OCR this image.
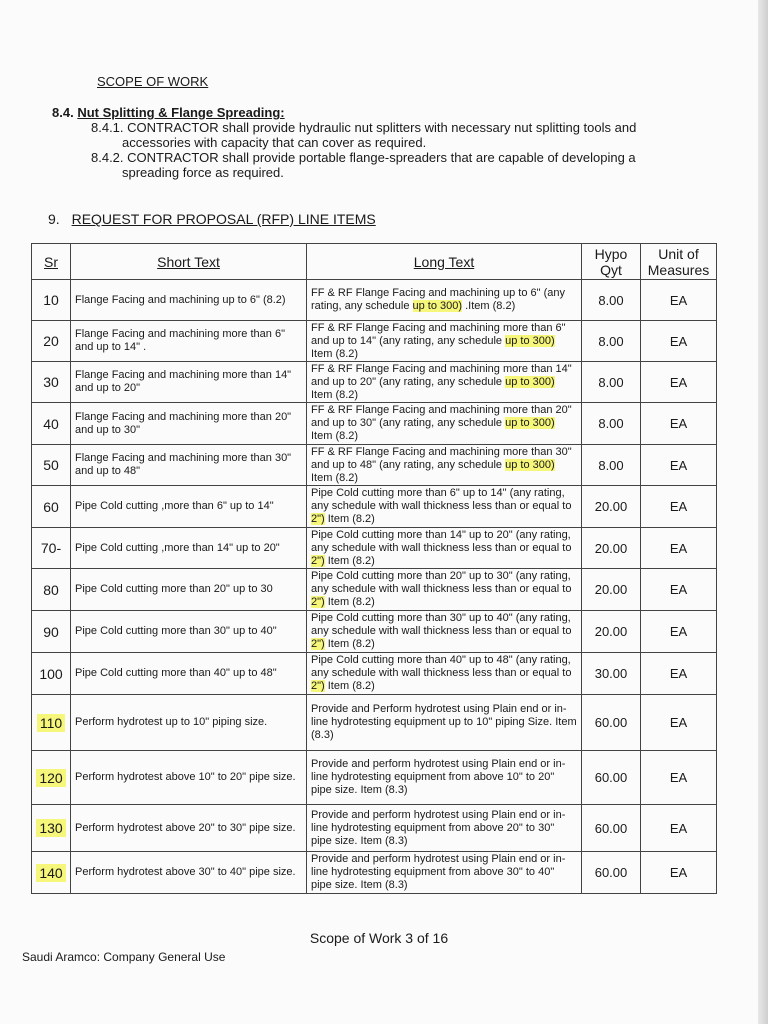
SCOPE OF WORK
8.4. Nut Splitting & Flange Spreading:
8.4.1. CONTRACTOR shall provide hydraulic nut splitters with necessary nut splitting tools and
accessories with capacity that can cover as required.
8.4.2. CONTRACTOR shall provide portable flange-spreaders that are capable of developing a
spreading force as required.
9. REQUEST FOR PROPOSAL (RFP) LINE ITEMS
Sr	Short Text	Long Text	Hypo Qyt	Unit of Measures
10	Flange Facing and machining up to 6" (8.2)	FF & RF Flange Facing and machining up to 6" (any rating, any schedule up to 300) .Item (8.2)	8.00	EA
20	Flange Facing and machining more than 6" and up to 14" .	FF & RF Flange Facing and machining more than 6" and up to 14" (any rating, any schedule up to 300) Item (8.2)	8.00	EA
30	Flange Facing and machining more than 14" and up to 20"	FF & RF Flange Facing and machining more than 14" and up to 20" (any rating, any schedule up to 300) Item (8.2)	8.00	EA
40	Flange Facing and machining more than 20" and up to 30"	FF & RF Flange Facing and machining more than 20" and up to 30" (any rating, any schedule up to 300) Item (8.2)	8.00	EA
50	Flange Facing and machining more than 30" and up to 48"	FF & RF Flange Facing and machining more than 30" and up to 48" (any rating, any schedule up to 300) Item (8.2)	8.00	EA
60	Pipe Cold cutting ,more than 6" up to 14"	Pipe Cold cutting more than 6" up to 14" (any rating, any schedule with wall thickness less than or equal to 2") Item (8.2)	20.00	EA
70-	Pipe Cold cutting ,more than 14" up to 20"	Pipe Cold cutting more than 14" up to 20" (any rating, any schedule with wall thickness less than or equal to 2") Item (8.2)	20.00	EA
80	Pipe Cold cutting more than 20" up to 30	Pipe Cold cutting more than 20" up to 30" (any rating, any schedule with wall thickness less than or equal to 2") Item (8.2)	20.00	EA
90	Pipe Cold cutting more than 30" up to 40"	Pipe Cold cutting more than 30" up to 40" (any rating, any schedule with wall thickness less than or equal to 2") Item (8.2)	20.00	EA
100	Pipe Cold cutting more than 40" up to 48"	Pipe Cold cutting more than 40" up to 48" (any rating, any schedule with wall thickness less than or equal to 2") Item (8.2)	30.00	EA
110	Perform hydrotest up to 10" piping size.	Provide and Perform hydrotest using Plain end or in-line hydrotesting equipment up to 10" piping Size. Item (8.3)	60.00	EA
120	Perform hydrotest above 10" to 20" pipe size.	Provide and perform hydrotest using Plain end or in-line hydrotesting equipment from above 10" to 20" pipe size. Item (8.3)	60.00	EA
130	Perform hydrotest above 20" to 30" pipe size.	Provide and perform hydrotest using Plain end or in-line hydrotesting equipment from above 20" to 30" pipe size. Item (8.3)	60.00	EA
140	Perform hydrotest above 30" to 40" pipe size.	Provide and perform hydrotest using Plain end or in-line hydrotesting equipment from above 30" to 40" pipe size. Item (8.3)	60.00	EA
Scope of Work 3 of 16
Saudi Aramco: Company General Use
